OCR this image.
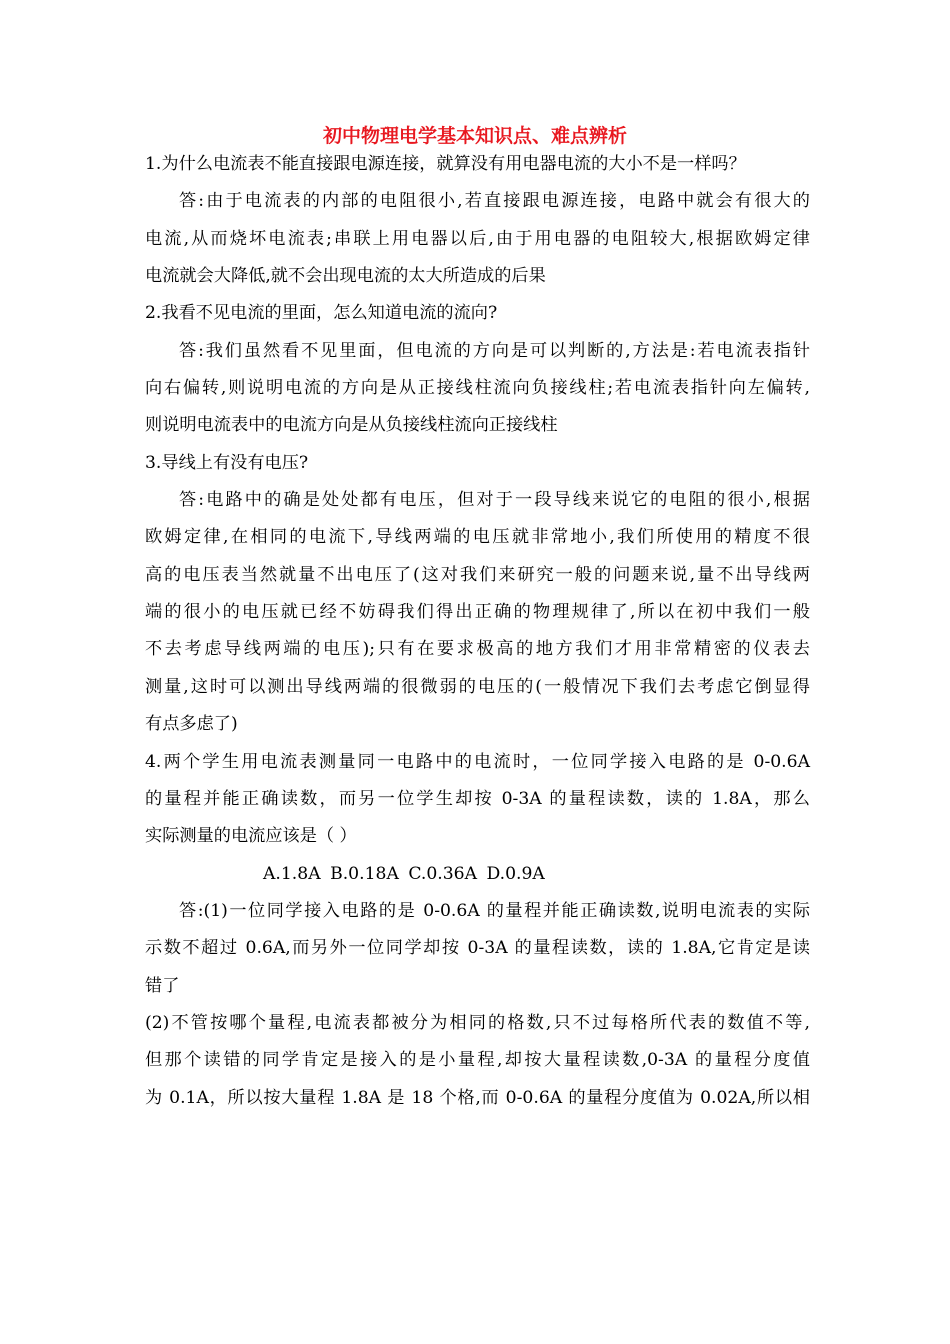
初中物理电学基本知识点、难点辨析
1.为什么电流表不能直接跟电源连接，就算没有用电器电流的大小不是一样吗？
答:由于电流表的内部的电阻很小,若直接跟电源连接，电路中就会有很大的
电流,从而烧坏电流表;串联上用电器以后,由于用电器的电阻较大,根据欧姆定律
电流就会大降低,就不会出现电流的太大所造成的后果
2.我看不见电流的里面，怎么知道电流的流向?
答:我们虽然看不见里面，但电流的方向是可以判断的,方法是:若电流表指针
向右偏转,则说明电流的方向是从正接线柱流向负接线柱;若电流表指针向左偏转,
则说明电流表中的电流方向是从负接线柱流向正接线柱
3.导线上有没有电压?
答:电路中的确是处处都有电压，但对于一段导线来说它的电阻的很小,根据
欧姆定律,在相同的电流下,导线两端的电压就非常地小,我们所使用的精度不很
高的电压表当然就量不出电压了(这对我们来研究一般的问题来说,量不出导线两
端的很小的电压就已经不妨碍我们得出正确的物理规律了,所以在初中我们一般
不去考虑导线两端的电压);只有在要求极高的地方我们才用非常精密的仪表去
测量,这时可以测出导线两端的很微弱的电压的(一般情况下我们去考虑它倒显得
有点多虑了)
4.两个学生用电流表测量同一电路中的电流时，一位同学接入电路的是 0-0.6A
的量程并能正确读数，而另一位学生却按 0-3A 的量程读数，读的 1.8A，那么
实际测量的电流应该是（ ）
A.1.8A B.0.18A C.0.36A D.0.9A
答:(1)一位同学接入电路的是 0-0.6A 的量程并能正确读数,说明电流表的实际
示数不超过 0.6A,而另外一位同学却按 0-3A 的量程读数，读的 1.8A,它肯定是读
错了
(2)不管按哪个量程,电流表都被分为相同的格数,只不过每格所代表的数值不等,
但那个读错的同学肯定是接入的是小量程,却按大量程读数,0-3A 的量程分度值
为 0.1A，所以按大量程 1.8A 是 18 个格,而 0-0.6A 的量程分度值为 0.02A,所以相
